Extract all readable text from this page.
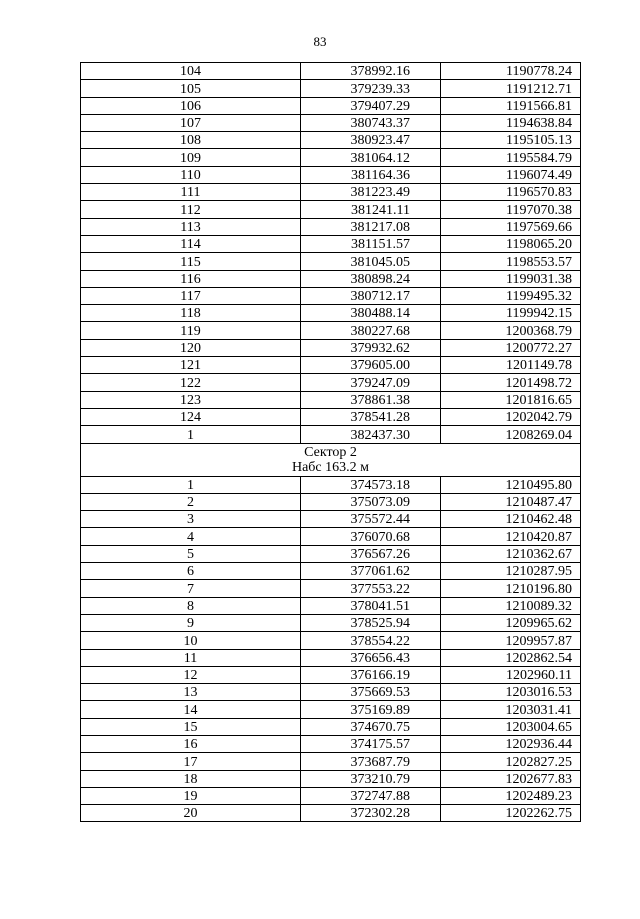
83
104	378992.16	1190778.24
105	379239.33	1191212.71
106	379407.29	1191566.81
107	380743.37	1194638.84
108	380923.47	1195105.13
109	381064.12	1195584.79
110	381164.36	1196074.49
111	381223.49	1196570.83
112	381241.11	1197070.38
113	381217.08	1197569.66
114	381151.57	1198065.20
115	381045.05	1198553.57
116	380898.24	1199031.38
117	380712.17	1199495.32
118	380488.14	1199942.15
119	380227.68	1200368.79
120	379932.62	1200772.27
121	379605.00	1201149.78
122	379247.09	1201498.72
123	378861.38	1201816.65
124	378541.28	1202042.79
1	382437.30	1208269.04

Сектор 2
Набс 163.2 м		

1	374573.18	1210495.80
2	375073.09	1210487.47
3	375572.44	1210462.48
4	376070.68	1210420.87
5	376567.26	1210362.67
6	377061.62	1210287.95
7	377553.22	1210196.80
8	378041.51	1210089.32
9	378525.94	1209965.62
10	378554.22	1209957.87
11	376656.43	1202862.54
12	376166.19	1202960.11
13	375669.53	1203016.53
14	375169.89	1203031.41
15	374670.75	1203004.65
16	374175.57	1202936.44
17	373687.79	1202827.25
18	373210.79	1202677.83
19	372747.88	1202489.23
20	372302.28	1202262.75
